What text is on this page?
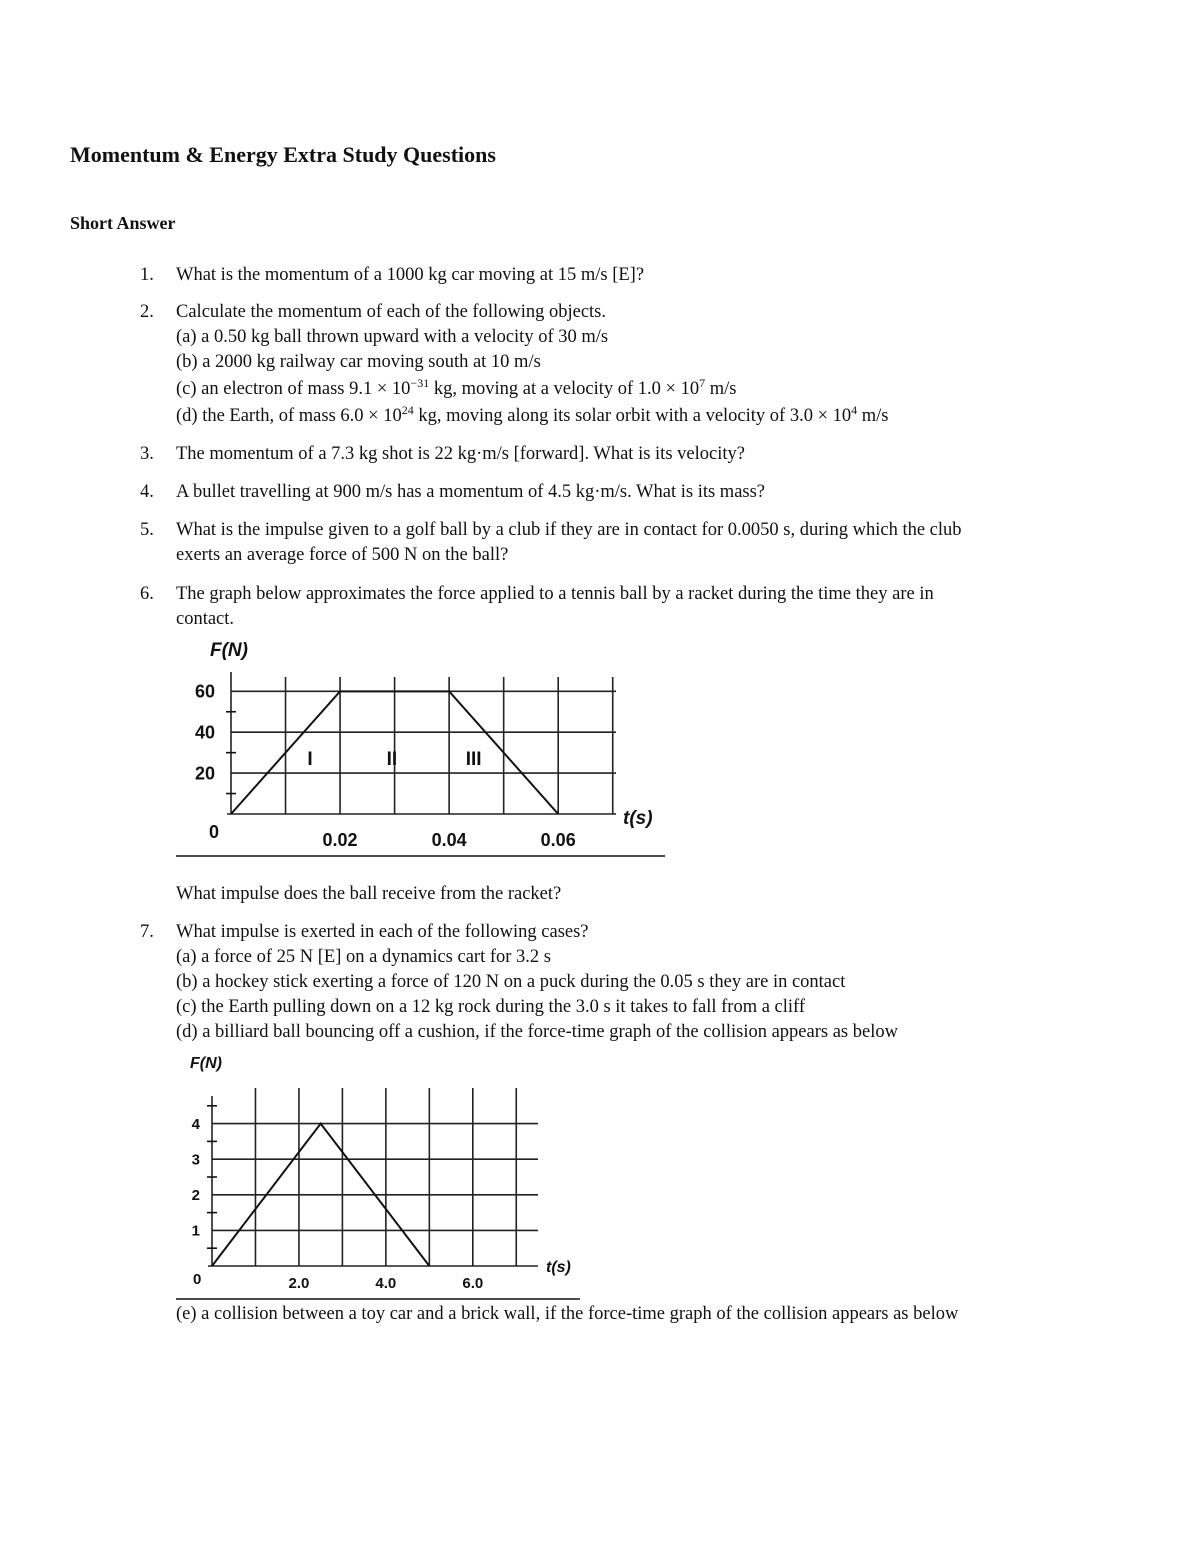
Momentum & Energy Extra Study Questions
Short Answer
1. What is the momentum of a 1000 kg car moving at 15 m/s [E]?
2. Calculate the momentum of each of the following objects.
(a) a 0.50 kg ball thrown upward with a velocity of 30 m/s
(b) a 2000 kg railway car moving south at 10 m/s
(c) an electron of mass $9.1 \times 10^{-31}$ kg, moving at a velocity of $1.0 \times 10^7$ m/s
(d) the Earth, of mass $6.0 \times 10^{24}$ kg, moving along its solar orbit with a velocity of $3.0 \times 10^4$ m/s
3. The momentum of a 7.3 kg shot is 22 kg·m/s [forward]. What is its velocity?
4. A bullet travelling at 900 m/s has a momentum of 4.5 kg·m/s. What is its mass?
5. What is the impulse given to a golf ball by a club if they are in contact for 0.0050 s, during which the club
exerts an average force of 500 N on the ball?
6. The graph below approximates the force applied to a tennis ball by a racket during the time they are in
contact.
F(N)
t(s)
0	0.02	0.04	0.06
20
40
60
I	II	III
What impulse does the ball receive from the racket?
7. What impulse is exerted in each of the following cases?
(a) a force of 25 N [E] on a dynamics cart for 3.2 s
(b) a hockey stick exerting a force of 120 N on a puck during the 0.05 s they are in contact
(c) the Earth pulling down on a 12 kg rock during the 3.0 s it takes to fall from a cliff
(d) a billiard ball bouncing off a cushion, if the force-time graph of the collision appears as below
F(N)
t(s)
0	2.0	4.0	6.0
1
2
3
4
(e) a collision between a toy car and a brick wall, if the force-time graph of the collision appears as below
